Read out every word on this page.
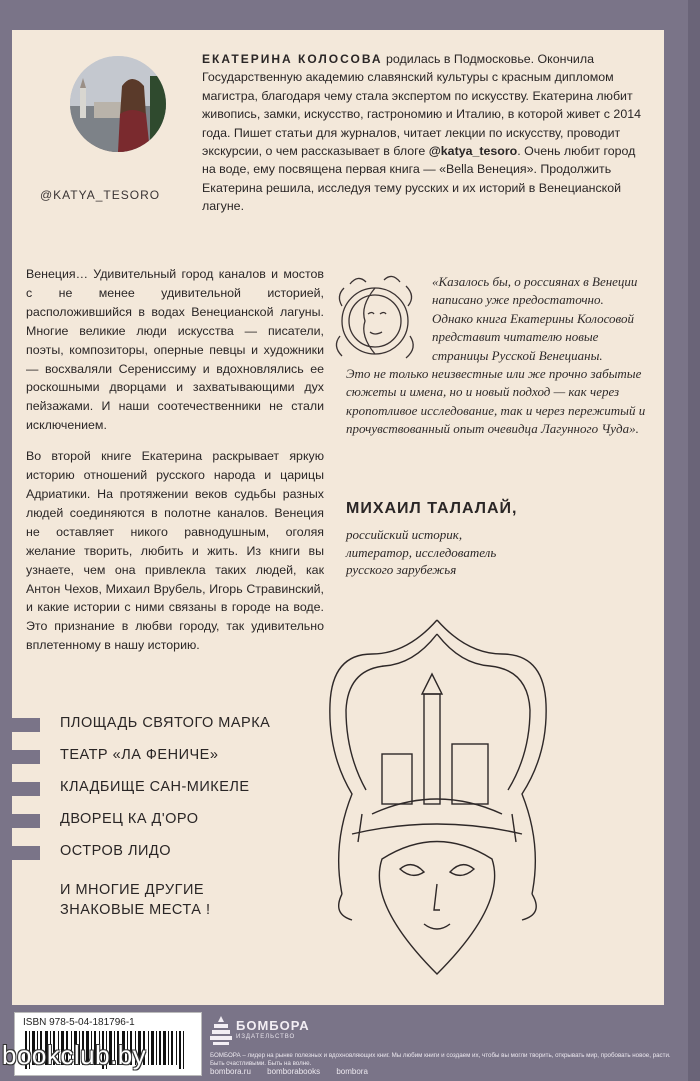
@KATYA_TESORO
ЕКАТЕРИНА КОЛОСОВА родилась в Подмосковье. Окончила Государственную академию славянский культуры с красным дипломом магистра, благодаря чему стала экспертом по искусству. Екатерина любит живопись, замки, искусство, гастрономию и Италию, в которой живет с 2014 года. Пишет статьи для журналов, читает лекции по искусству, проводит экскурсии, о чем рассказывает в блоге @katya_tesoro. Очень любит город на воде, ему посвящена первая книга — «Bella Венеция». Продолжить Екатерина решила, исследуя тему русских и их историй в Венецианской лагуне.

Венеция… Удивительный город каналов и мостов с не менее удивительной историей, расположившийся в водах Венецианской лагуны. Многие великие люди искусства — писатели, поэты, композиторы, оперные певцы и художники — восхваляли Серениссиму и вдохновлялись ее роскошными дворцами и захватывающими дух пейзажами. И наши соотечественники не стали исключением.

Во второй книге Екатерина раскрывает яркую историю отношений русского народа и царицы Адриатики. На протяжении веков судьбы разных людей соединяются в полотне каналов. Венеция не оставляет никого равнодушным, оголяя желание творить, любить и жить. Из книги вы узнаете, чем она привлекла таких людей, как Антон Чехов, Михаил Врубель, Игорь Стравинский, и какие истории с ними связаны в городе на воде. Это признание в любви городу, так удивительно вплетенному в нашу историю.

«Казалось бы, о россиянах в Венеции написано уже предостаточно. Однако книга Екатерины Колосовой представит читателю новые страницы Русской Венецианы.
Это не только неизвестные или же прочно забытые сюжеты и имена, но и новый подход — как через кропотливое исследование, так и через пережитый и прочувствованный опыт очевидца Лагунного Чуда».
МИХАИЛ ТАЛАЛАЙ,
российский историк, литератор, исследователь русского зарубежья
ПЛОЩАДЬ СВЯТОГО МАРКА
ТЕАТР «ЛА ФЕНИЧЕ»
КЛАДБИЩЕ САН-МИКЕЛЕ
ДВОРЕЦ КА Д'ОРО
ОСТРОВ ЛИДО
И МНОГИЕ ДРУГИЕ
ЗНАКОВЫЕ МЕСТА !
ISBN 978-5-04-181796-1	БОМБОРА
ИЗДАТЕЛЬСТВО
БОМБОРА – лидер на рынке полезных и вдохновляющих книг. Мы любим книги и создаем их, чтобы вы могли творить, открывать мир, пробовать новое, расти. Быть счастливыми. Быть на волне.
bombora.ru bomborabooks bombora
bookclub.by
